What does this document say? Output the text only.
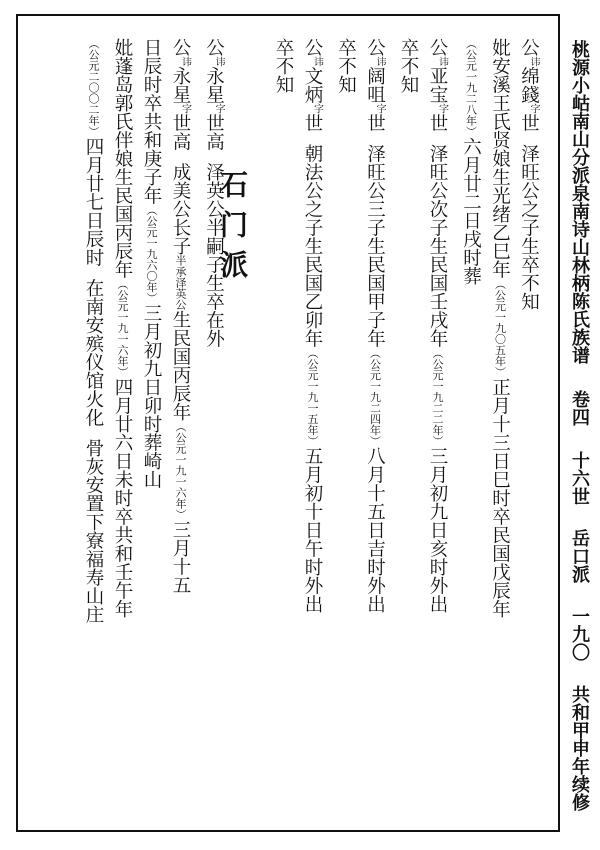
桃源小岵南山分派泉南诗山林柄陈氏族谱 卷四 十六世 岳口派 一九〇 共和甲申年续修
公讳绵錢字世泽旺公之子生卒不知
妣安溪王氏贤娘生光绪乙巳年（公元一九〇五年）正月十三日巳时卒民国戊辰年
（公元一九二八年）六月廿二日戌时葬
公讳亚宝字世泽旺公次子生民国壬戌年（公元一九二二年）三月初九日亥时外出
卒不知
公讳阔咀字世泽旺公三子生民国甲子年（公元一九二四年）八月十五日吉时外出
卒不知
公讳文炳字世朝法公之子生民国乙卯年（公元一九一五年）五月初十日午时外出
卒不知
公讳永星字世高泽英公半嗣子生卒在外
公讳永星字世高成美公长子半承泽英公生民国丙辰年（公元一九一六年）三月十五
日辰时卒共和庚子年（公元一九六〇年）三月初九日卯时葬崎山
妣蓬岛郭氏伴娘生民国丙辰年（公元一九一六年）四月廿六日未时卒共和壬午年
（公元二〇〇二年）四月廿七日辰时在南安殡仪馆火化骨灰安置下寮福寿山庄
石门派
